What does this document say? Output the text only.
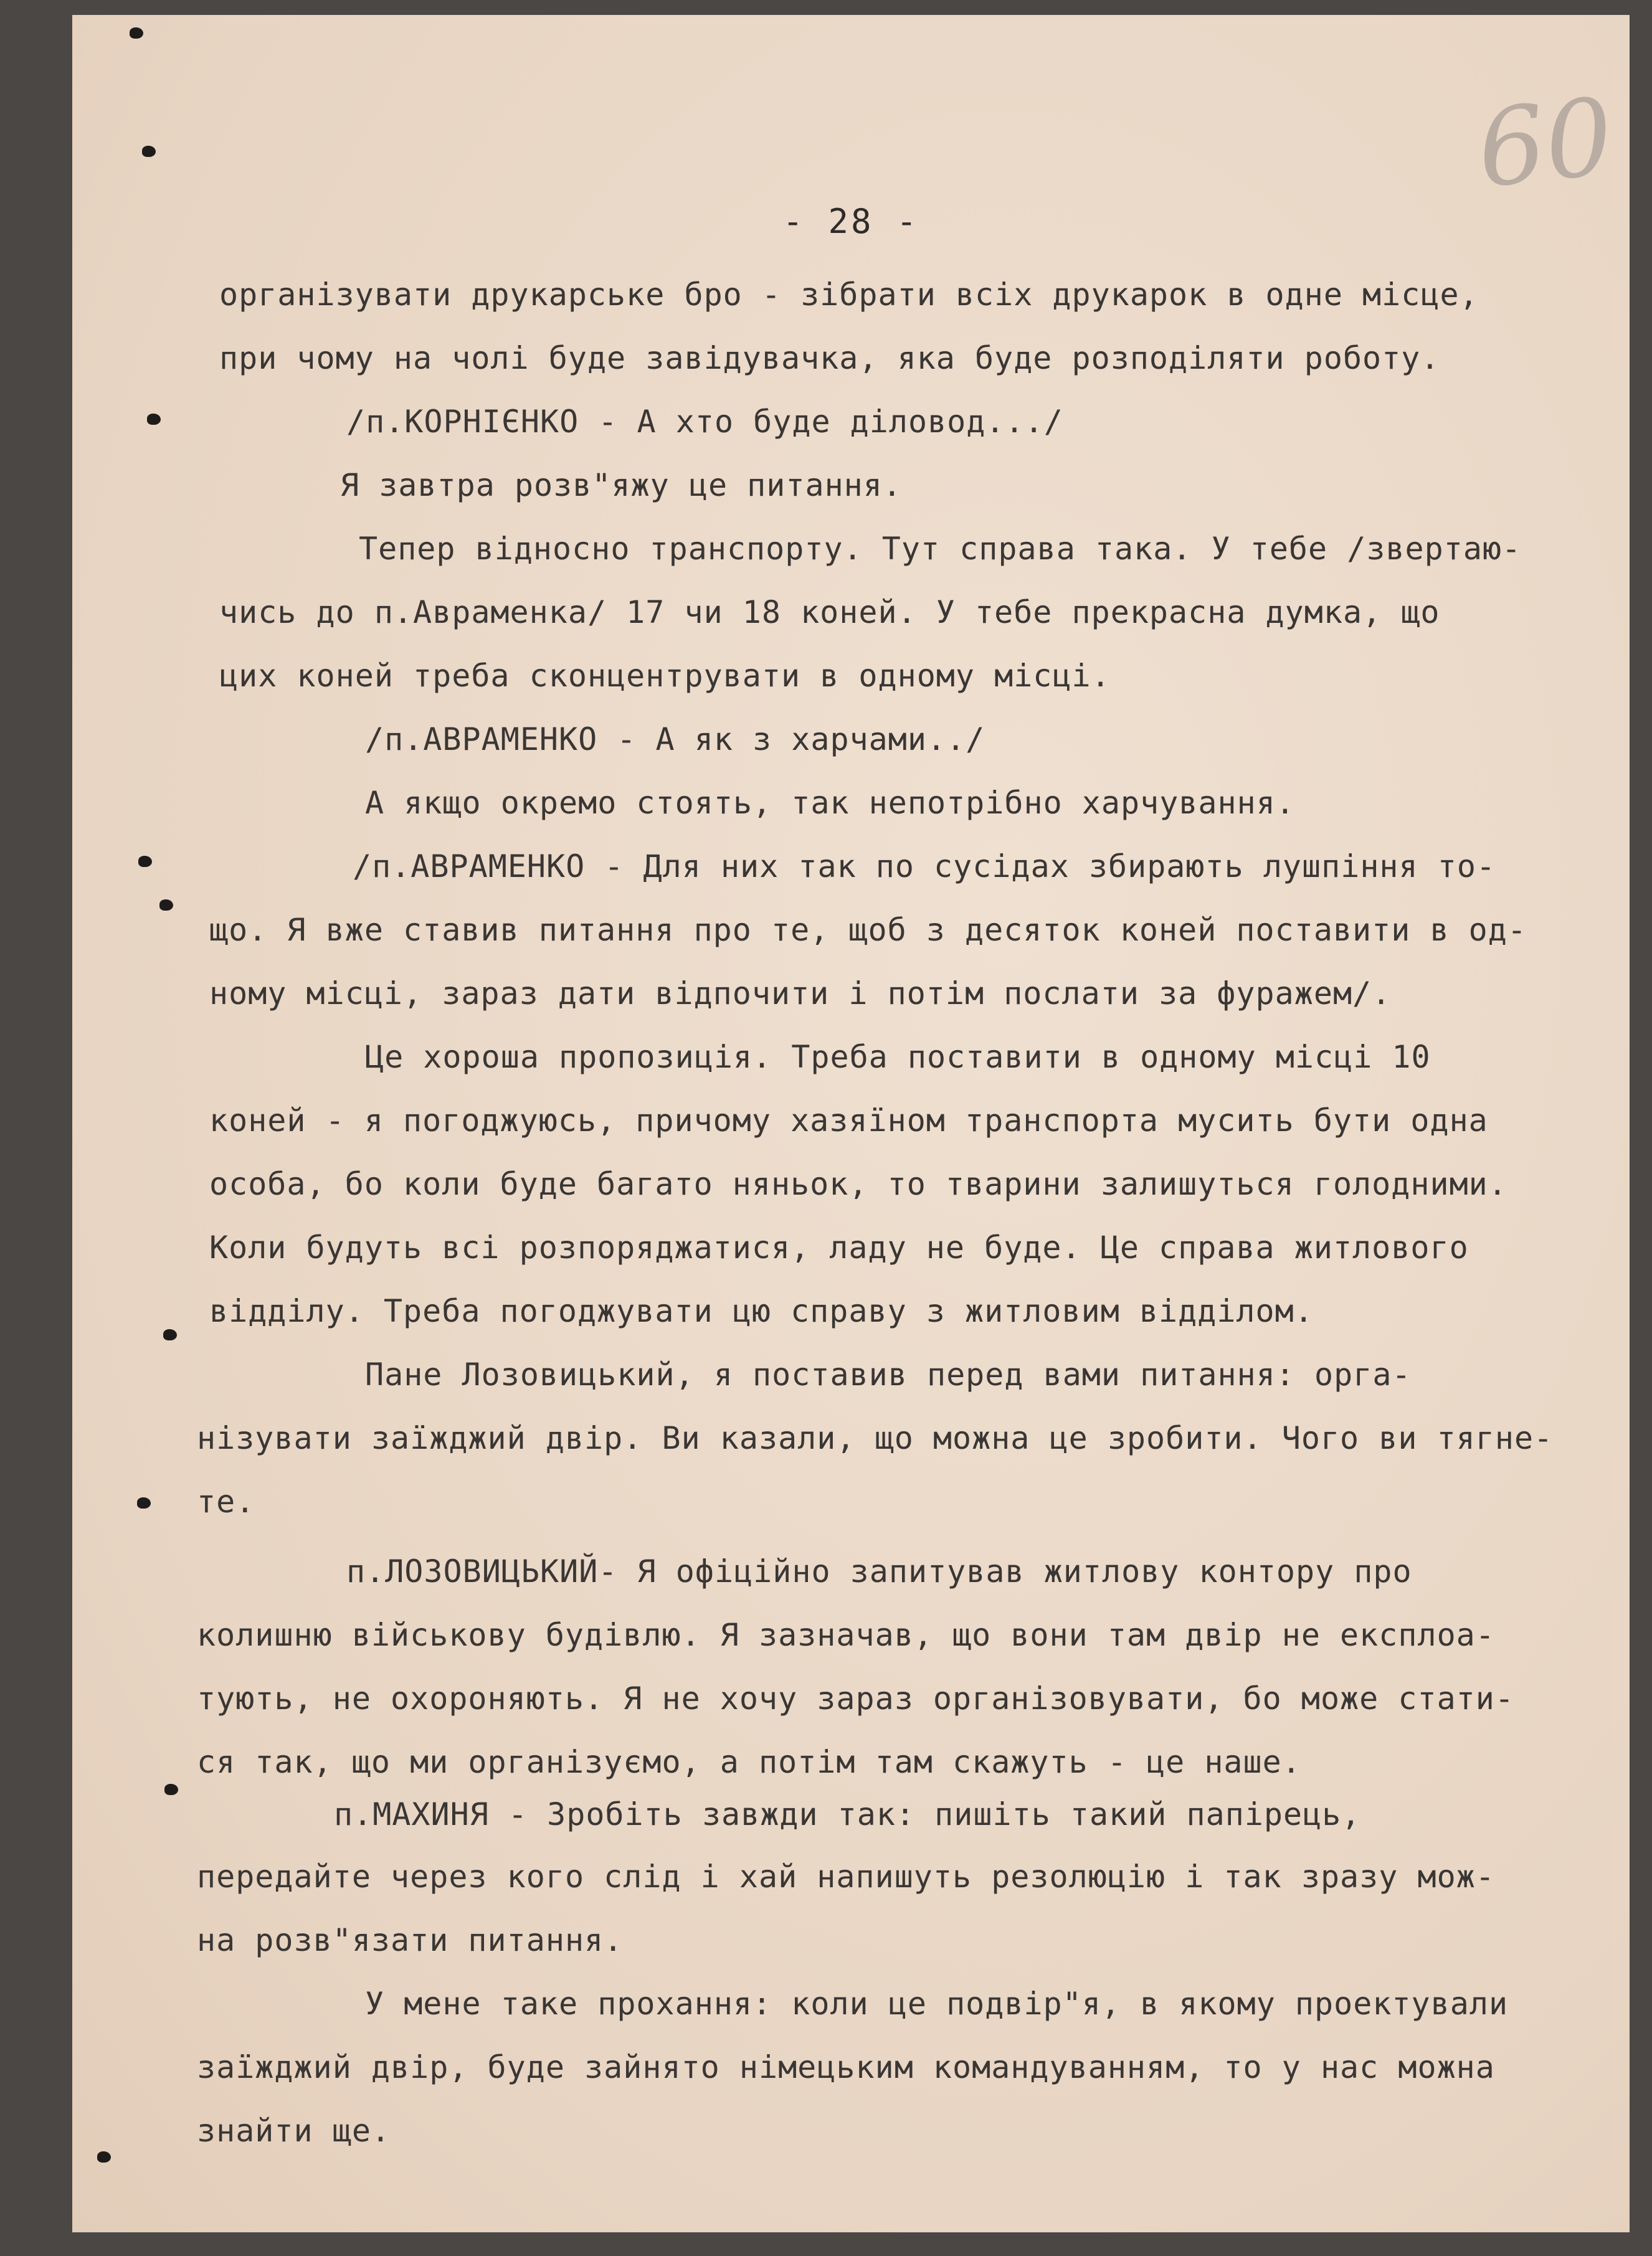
60
- 28 -
організувати друкарське бро - зібрати всіх друкарок в одне місце,
при чому на чолі буде завідувачка, яка буде розподіляти роботу.
/п.КОРНІЄНКО - А хто буде діловод.../
Я завтра розв"яжу це питання.
Тепер відносно транспорту. Тут справа така. У тебе /звертаю-
чись до п.Авраменка/ 17 чи 18 коней. У тебе прекрасна думка, що
цих коней треба сконцентрувати в одному місці.
/п.АВРАМЕНКО - А як з харчами../
А якщо окремо стоять, так непотрібно харчування.
/п.АВРАМЕНКО - Для них так по сусідах збирають лушпіння то-
що. Я вже ставив питання про те, щоб з десяток коней поставити в од-
ному місці, зараз дати відпочити і потім послати за фуражем/.
Це хороша пропозиція. Треба поставити в одному місці 10
коней - я погоджуюсь, причому хазяїном транспорта мусить бути одна
особа, бо коли буде багато няньок, то тварини залишуться голодними.
Коли будуть всі розпоряджатися, ладу не буде. Це справа житлового
відділу. Треба погоджувати цю справу з житловим відділом.
Пане Лозовицький, я поставив перед вами питання: орга-
нізувати заїжджий двір. Ви казали, що можна це зробити. Чого ви тягне-
те.
п.ЛОЗОВИЦЬКИЙ- Я офіційно запитував житлову контору про
колишню військову будівлю. Я зазначав, що вони там двір не експлоа-
тують, не охороняють. Я не хочу зараз організовувати, бо може стати-
ся так, що ми організуємо, а потім там скажуть - це наше.
п.МАХИНЯ - Зробіть завжди так: пишіть такий папірець,
передайте через кого слід і хай напишуть резолюцію і так зразу мож-
на розв"язати питання.
У мене таке прохання: коли це подвір"я, в якому проектували
заїжджий двір, буде зайнято німецьким командуванням, то у нас можна
знайти ще.
